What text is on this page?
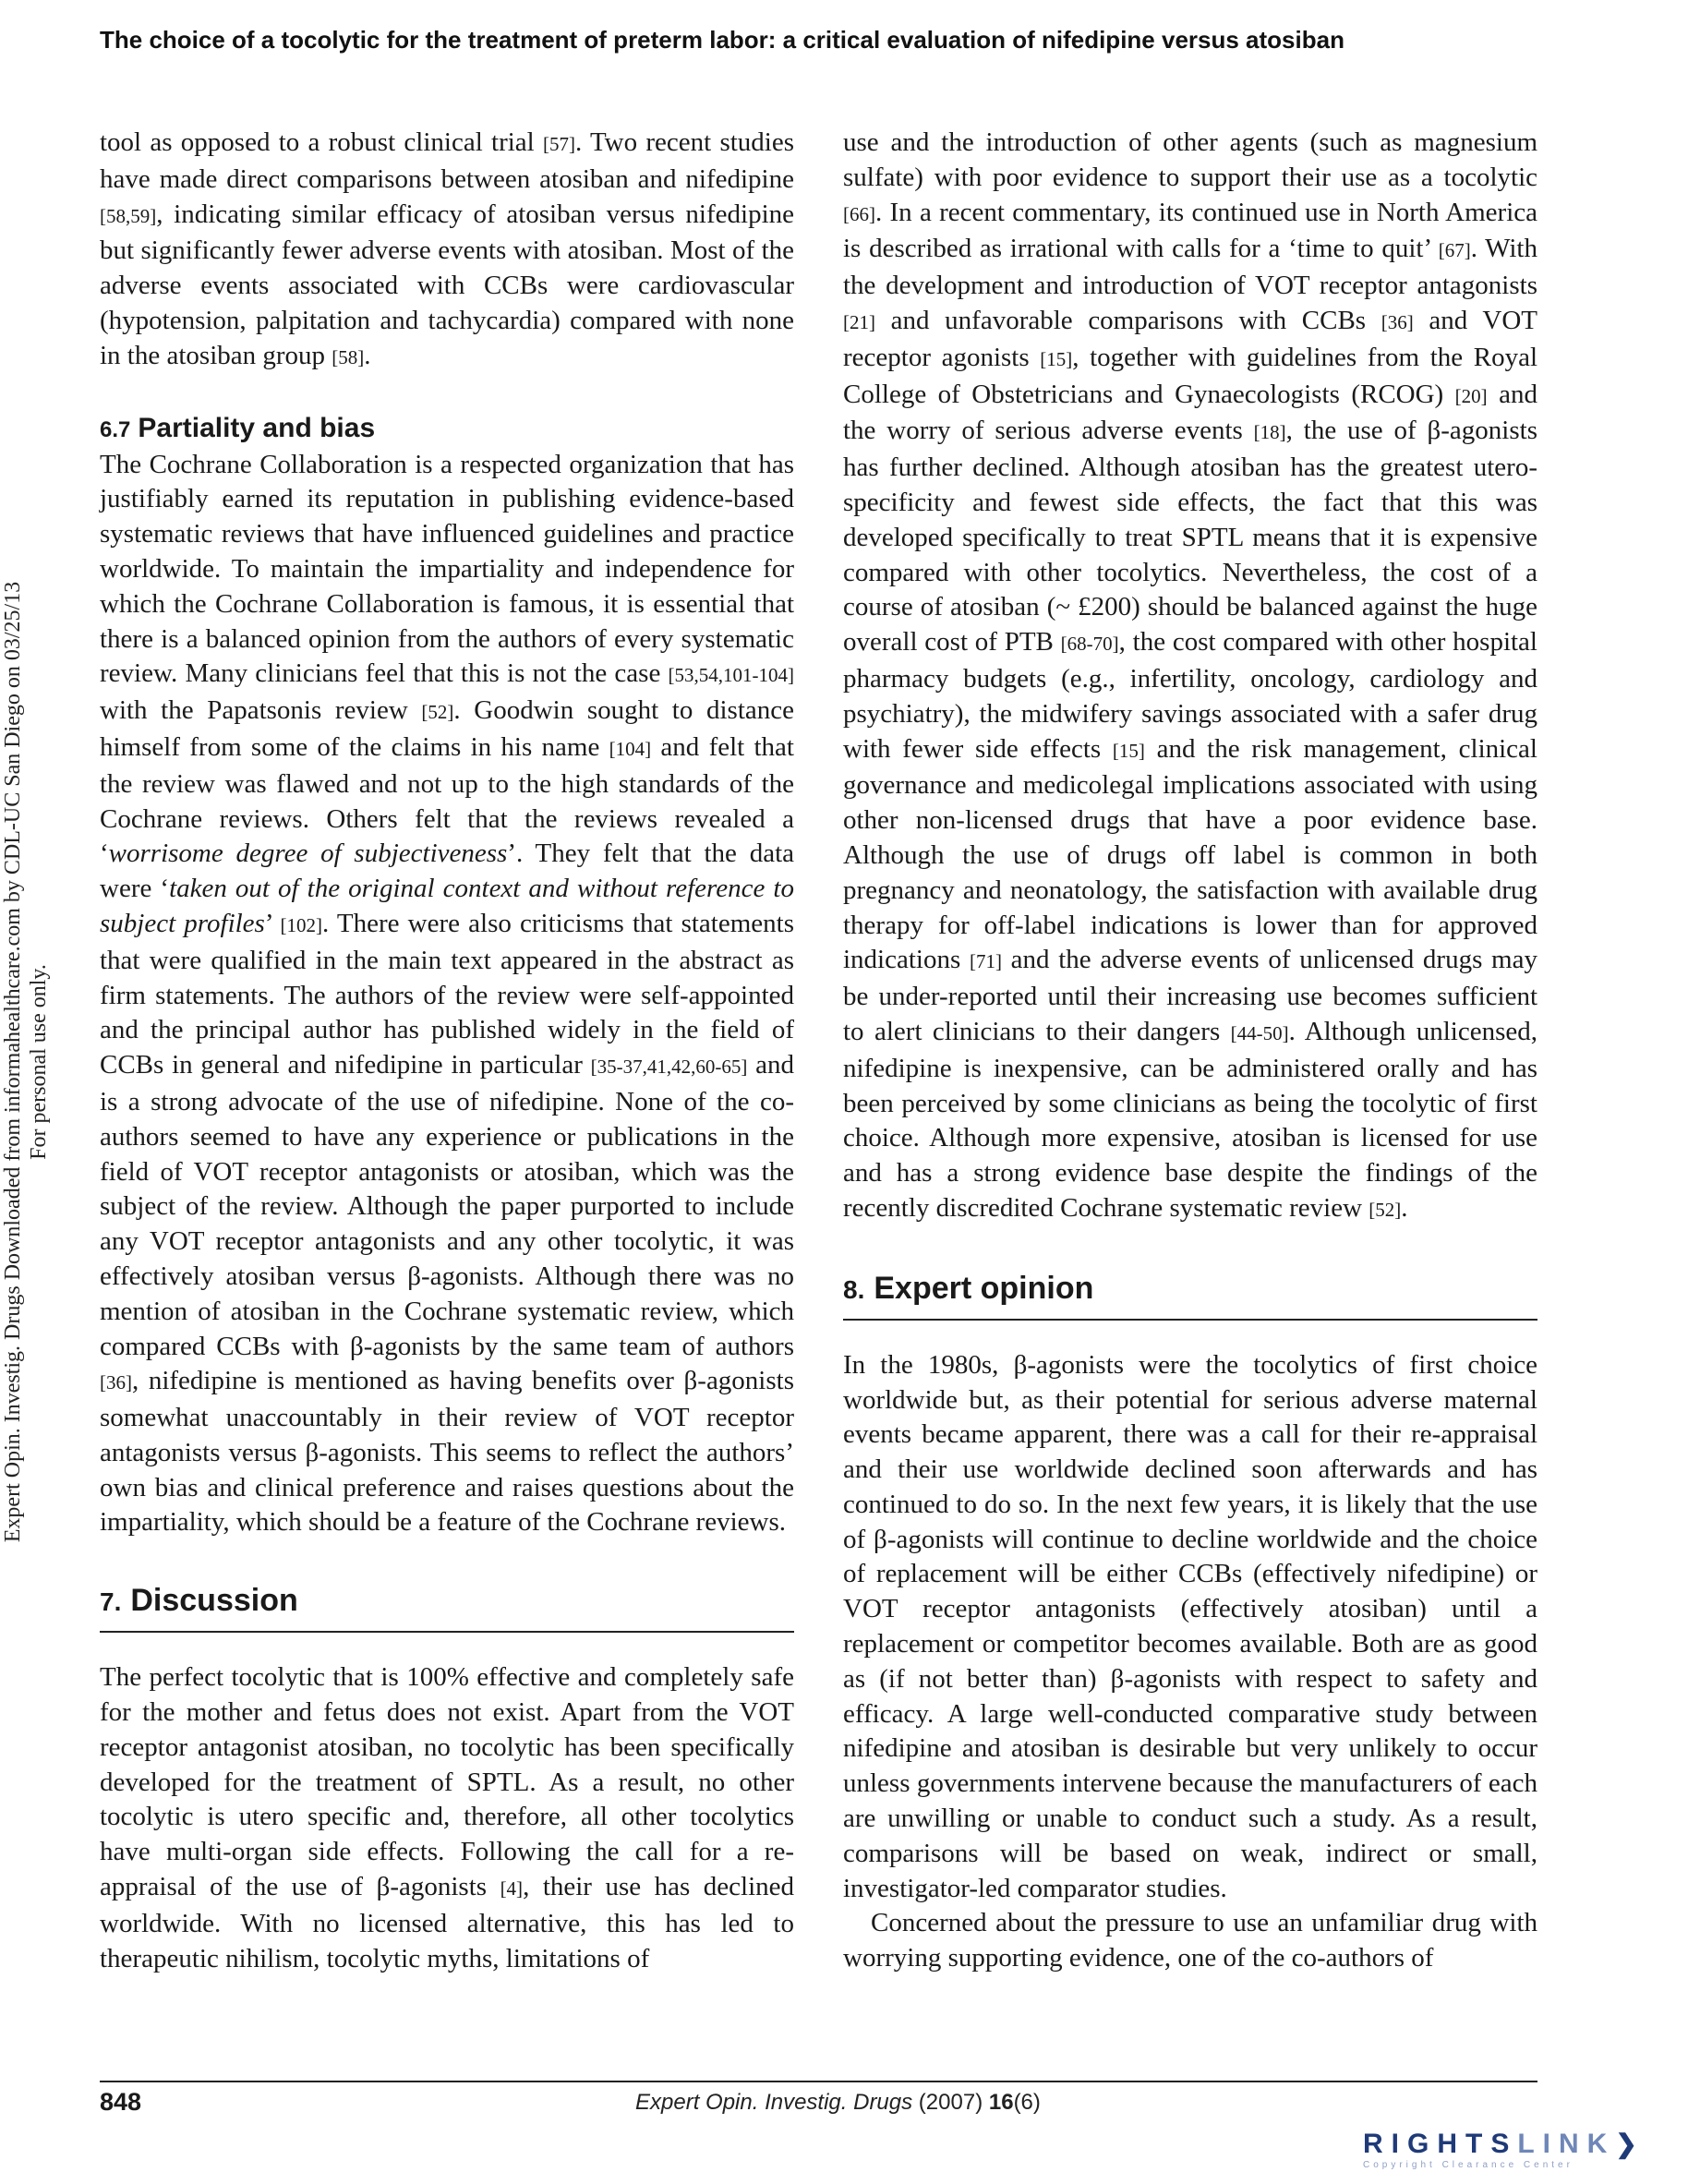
The choice of a tocolytic for the treatment of preterm labor: a critical evaluation of nifedipine versus atosiban
Expert Opin. Investig. Drugs Downloaded from informahealthcare.com by CDL-UC San Diego on 03/25/13 For personal use only.

tool as opposed to a robust clinical trial [57]. Two recent studies have made direct comparisons between atosiban and nifedipine [58,59], indicating similar efficacy of atosiban versus nifedipine but significantly fewer adverse events with atosiban. Most of the adverse events associated with CCBs were cardiovascular (hypotension, palpitation and tachycardia) compared with none in the atosiban group [58].

6.7 Partiality and bias

The Cochrane Collaboration is a respected organization that has justifiably earned its reputation in publishing evidence-based systematic reviews that have influenced guidelines and practice worldwide. To maintain the impartiality and independence for which the Cochrane Collaboration is famous, it is essential that there is a balanced opinion from the authors of every systematic review. Many clinicians feel that this is not the case [53,54,101-104] with the Papatsonis review [52]. Goodwin sought to distance himself from some of the claims in his name [104] and felt that the review was flawed and not up to the high standards of the Cochrane reviews. Others felt that the reviews revealed a ‘worrisome degree of subjectiveness’. They felt that the data were ‘taken out of the original context and without reference to subject profiles’ [102]. There were also criticisms that statements that were qualified in the main text appeared in the abstract as firm statements. The authors of the review were self-appointed and the principal author has published widely in the field of CCBs in general and nifedipine in particular [35-37,41,42,60-65] and is a strong advocate of the use of nifedipine. None of the co-authors seemed to have any experience or publications in the field of VOT receptor antagonists or atosiban, which was the subject of the review. Although the paper purported to include any VOT receptor antagonists and any other tocolytic, it was effectively atosiban versus β-agonists. Although there was no mention of atosiban in the Cochrane systematic review, which compared CCBs with β-agonists by the same team of authors [36], nifedipine is mentioned as having benefits over β-agonists somewhat unaccountably in their review of VOT receptor antagonists versus β-agonists. This seems to reflect the authors’ own bias and clinical preference and raises questions about the impartiality, which should be a feature of the Cochrane reviews.

7. Discussion

The perfect tocolytic that is 100% effective and completely safe for the mother and fetus does not exist. Apart from the VOT receptor antagonist atosiban, no tocolytic has been specifically developed for the treatment of SPTL. As a result, no other tocolytic is utero specific and, therefore, all other tocolytics have multi-organ side effects. Following the call for a re-appraisal of the use of β-agonists [4], their use has declined worldwide. With no licensed alternative, this has led to therapeutic nihilism, tocolytic myths, limitations of

use and the introduction of other agents (such as magnesium sulfate) with poor evidence to support their use as a tocolytic [66]. In a recent commentary, its continued use in North America is described as irrational with calls for a ‘time to quit’ [67]. With the development and introduction of VOT receptor antagonists [21] and unfavorable comparisons with CCBs [36] and VOT receptor agonists [15], together with guidelines from the Royal College of Obstetricians and Gynaecologists (RCOG) [20] and the worry of serious adverse events [18], the use of β-agonists has further declined. Although atosiban has the greatest utero-specificity and fewest side effects, the fact that this was developed specifically to treat SPTL means that it is expensive compared with other tocolytics. Nevertheless, the cost of a course of atosiban (~ £200) should be balanced against the huge overall cost of PTB [68-70], the cost compared with other hospital pharmacy budgets (e.g., infertility, oncology, cardiology and psychiatry), the midwifery savings associated with a safer drug with fewer side effects [15] and the risk management, clinical governance and medicolegal implications associated with using other non-licensed drugs that have a poor evidence base. Although the use of drugs off label is common in both pregnancy and neonatology, the satisfaction with available drug therapy for off-label indications is lower than for approved indications [71] and the adverse events of unlicensed drugs may be under-reported until their increasing use becomes sufficient to alert clinicians to their dangers [44-50]. Although unlicensed, nifedipine is inexpensive, can be administered orally and has been perceived by some clinicians as being the tocolytic of first choice. Although more expensive, atosiban is licensed for use and has a strong evidence base despite the findings of the recently discredited Cochrane systematic review [52].

8. Expert opinion

In the 1980s, β-agonists were the tocolytics of first choice worldwide but, as their potential for serious adverse maternal events became apparent, there was a call for their re-appraisal and their use worldwide declined soon afterwards and has continued to do so. In the next few years, it is likely that the use of β-agonists will continue to decline worldwide and the choice of replacement will be either CCBs (effectively nifedipine) or VOT receptor antagonists (effectively atosiban) until a replacement or competitor becomes available. Both are as good as (if not better than) β-agonists with respect to safety and efficacy. A large well-conducted comparative study between nifedipine and atosiban is desirable but very unlikely to occur unless governments intervene because the manufacturers of each are unwilling or unable to conduct such a study. As a result, comparisons will be based on weak, indirect or small, investigator-led comparator studies.

Concerned about the pressure to use an unfamiliar drug with worrying supporting evidence, one of the co-authors of

848	Expert Opin. Investig. Drugs (2007) 16(6)
RIGHTSLINK❯
Copyright Clearance Center
